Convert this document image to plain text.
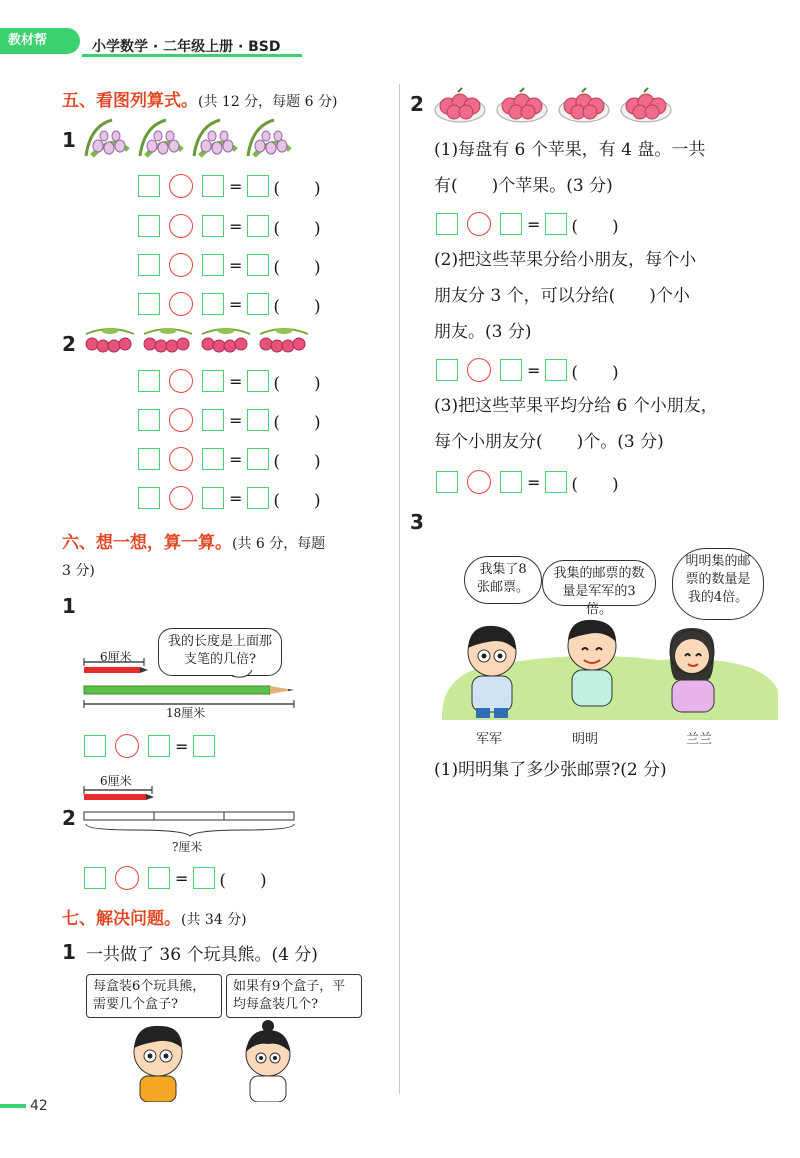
教材帮	小学数学 · 二年级上册 · BSD
五、看图列算式。(共 12 分，每题 6 分)
1
= (　　)
= (　　)
= (　　)
= (　　)
2
= (　　)
= (　　)
= (　　)
= (　　)
六、想一想，算一算。(共 6 分，每题
3 分)
1
我的长度是上面那支笔的几倍?
6厘米
18厘米
=
6厘米
2
?厘米
= (　　)
七、解决问题。(共 34 分)
1 一共做了 36 个玩具熊。(4 分)
每盒装6个玩具熊，需要几个盒子?
如果有9个盒子，平均每盒装几个?
42
2
(1)每盘有 6 个苹果，有 4 盘。一共
有(　　)个苹果。(3 分)
= (　　)
(2)把这些苹果分给小朋友，每个小
朋友分 3 个，可以分给(　　)个小
朋友。(3 分)
= (　　)
(3)把这些苹果平均分给 6 个小朋友，
每个小朋友分(　　)个。(3 分)
= (　　)
3
我集了8张邮票。
我集的邮票的数量是军军的3倍。
明明集的邮票的数量是我的4倍。
军军	明明	兰兰
(1)明明集了多少张邮票?(2 分)
